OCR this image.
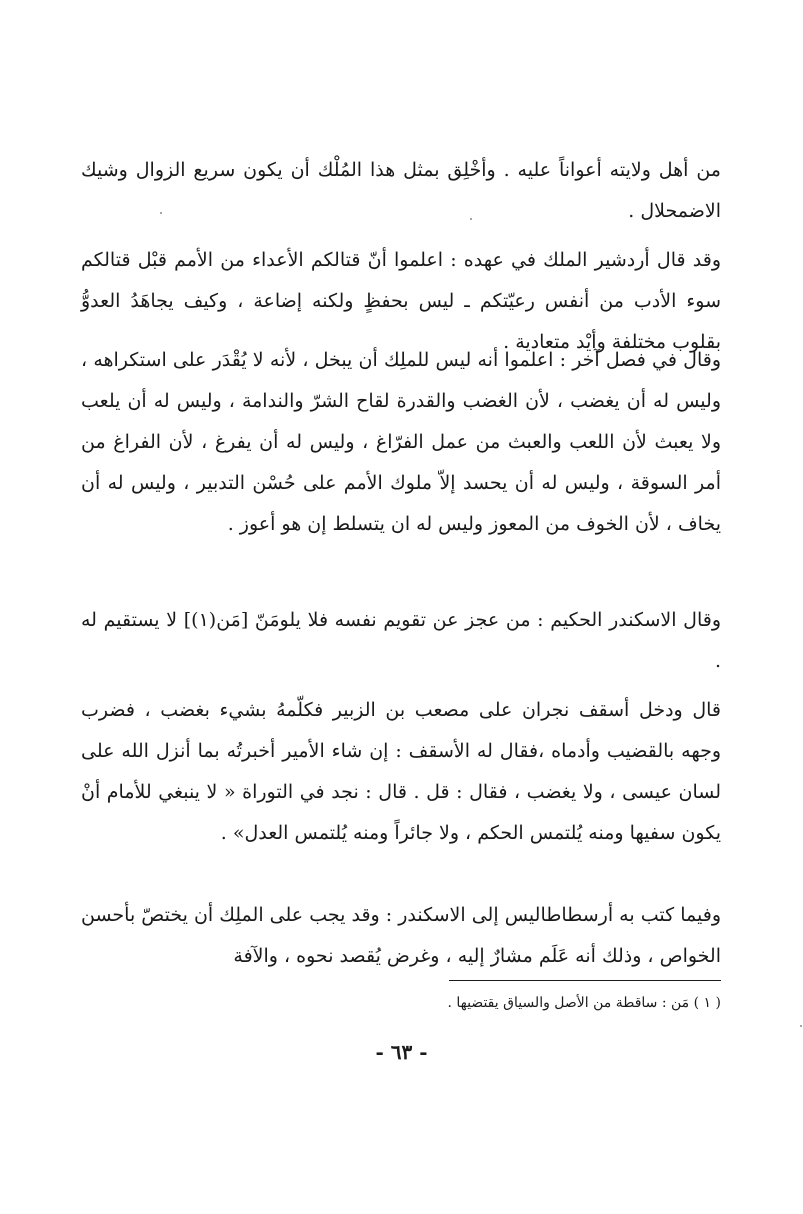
من أهل ولايته أعواناً عليه . وأخْلِق بمثل هذا المُلْك أن يكون سريع الزوال وشيك الاضمحلال .

وقد قال أردشير الملك في عهده : اعلموا أنّ قتالكم الأعداء من الأمم قبْل قتالكم سوء الأدب من أنفس رعيّتكم ـ ليس بحفظٍ ولكنه إضاعة ، وكيف يجاهَدُ العدوُّ بقلوب مختلفة وأيْد متعادية .

وقال في فصل آخر : اعلموا أنه ليس للملِك أن يبخل ، لأنه لا يُقْدَر على استكراهه ، وليس له أن يغضب ، لأن الغضب والقدرة لقاح الشرّ والندامة ، وليس له أن يلعب ولا يعبث لأن اللعب والعبث من عمل الفرّاغ ، وليس له أن يفرغ ، لأن الفراغ من أمر السوقة ، وليس له أن يحسد إلاّ ملوك الأمم على حُسْن التدبير ، وليس له أن يخاف ، لأن الخوف من المعوز وليس له ان يتسلط إن هو أعوز .

وقال الاسكندر الحكيم : من عجز عن تقويم نفسه فلا يلومَنّ [مَن(١)] لا يستقيم له .

قال ودخل أسقف نجران على مصعب بن الزبير فكلّمهُ بشيء بغضب ، فضرب وجهه بالقضيب وأدماه ،فقال له الأسقف : إن شاء الأمير أخبرتُه بما أنزل الله على لسان عيسى ، ولا يغضب ، فقال : قل . قال : نجد في التوراة « لا ينبغي للأمام أنْ يكون سفيها ومنه يُلتمس الحكم ، ولا جائراً ومنه يُلتمس العدل» .

وفيما كتب به أرسطاطاليس إلى الاسكندر : وقد يجب على الملِك أن يختصّ بأحسن الخواص ، وذلك أنه عَلَم مشارٌ إليه ، وغرض يُقصد نحوه ، والآفة

( ١ ) مَن : ساقطة من الأصل والسياق يقتضيها .
- ٦٣ -
